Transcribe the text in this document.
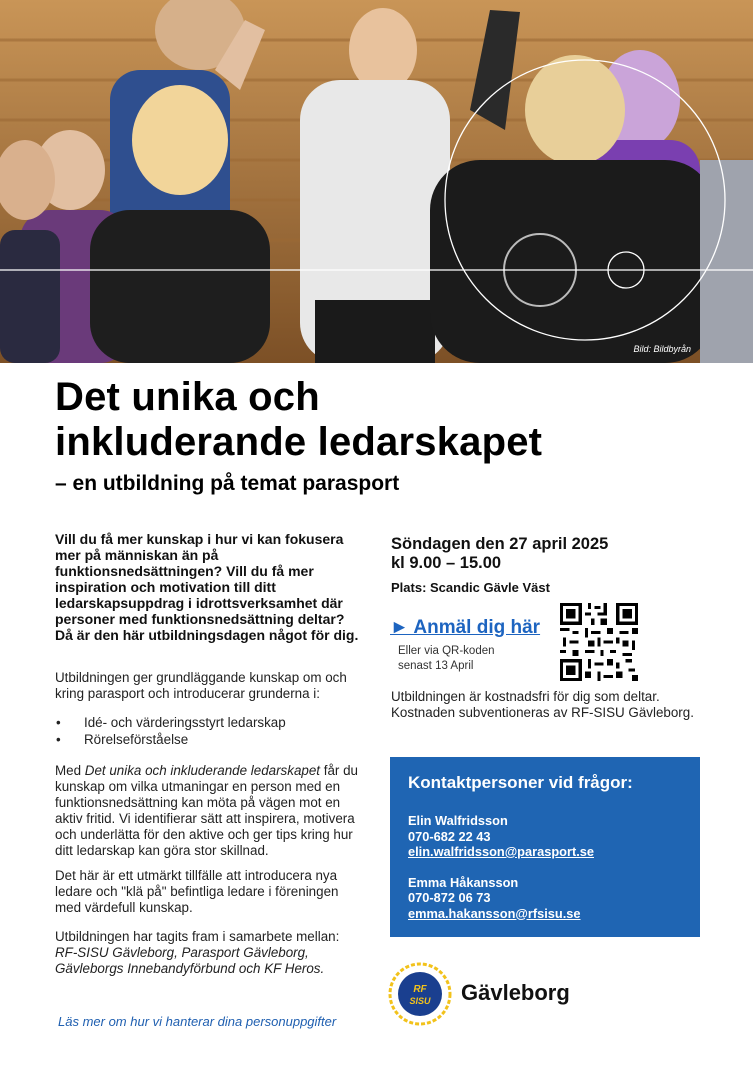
Bild: Bildbyrån
Det unika och
inkluderande ledarskapet

– en utbildning på temat parasport

Vill du få mer kunskap i hur vi kan fokusera mer på människan än på funktionsnedsättningen? Vill du få mer inspiration och motivation till ditt ledarskapsuppdrag i idrottsverksamhet där personer med funktionsnedsättning deltar? Då är den här utbildningsdagen något för dig.

Utbildningen ger grundläggande kunskap om och kring parasport och introducerar grunderna i:

• Idé- och värderingsstyrt ledarskap
• Rörelseförståelse

Med Det unika och inkluderande ledarskapet får du kunskap om vilka utmaningar en person med en funktionsnedsättning kan möta på vägen mot en aktiv fritid. Vi identifierar sätt att inspirera, motivera och underlätta för den aktive och ger tips kring hur ditt ledarskap kan göra stor skillnad.

Det här är ett utmärkt tillfälle att introducera nya ledare och "klä på" befintliga ledare i föreningen med värdefull kunskap.

Utbildningen har tagits fram i samarbete mellan:
RF-SISU Gävleborg, Parasport Gävleborg, Gävleborgs Innebandyförbund och KF Heros.

Läs mer om hur vi hanterar dina personuppgifter

Söndagen den 27 april 2025
kl 9.00 – 15.00

Plats: Scandic Gävle Väst

► Anmäl dig här

Eller via QR-koden
senast 13 April

Utbildningen är kostnadsfri för dig som deltar. Kostnaden subventioneras av RF-SISU Gävleborg.

Kontaktpersoner vid frågor:
Elin Walfridsson
070-682 22 43
elin.walfridsson@parasport.se
Emma Håkansson
070-872 06 73
emma.hakansson@rfsisu.se
RF
SISU Gävleborg
